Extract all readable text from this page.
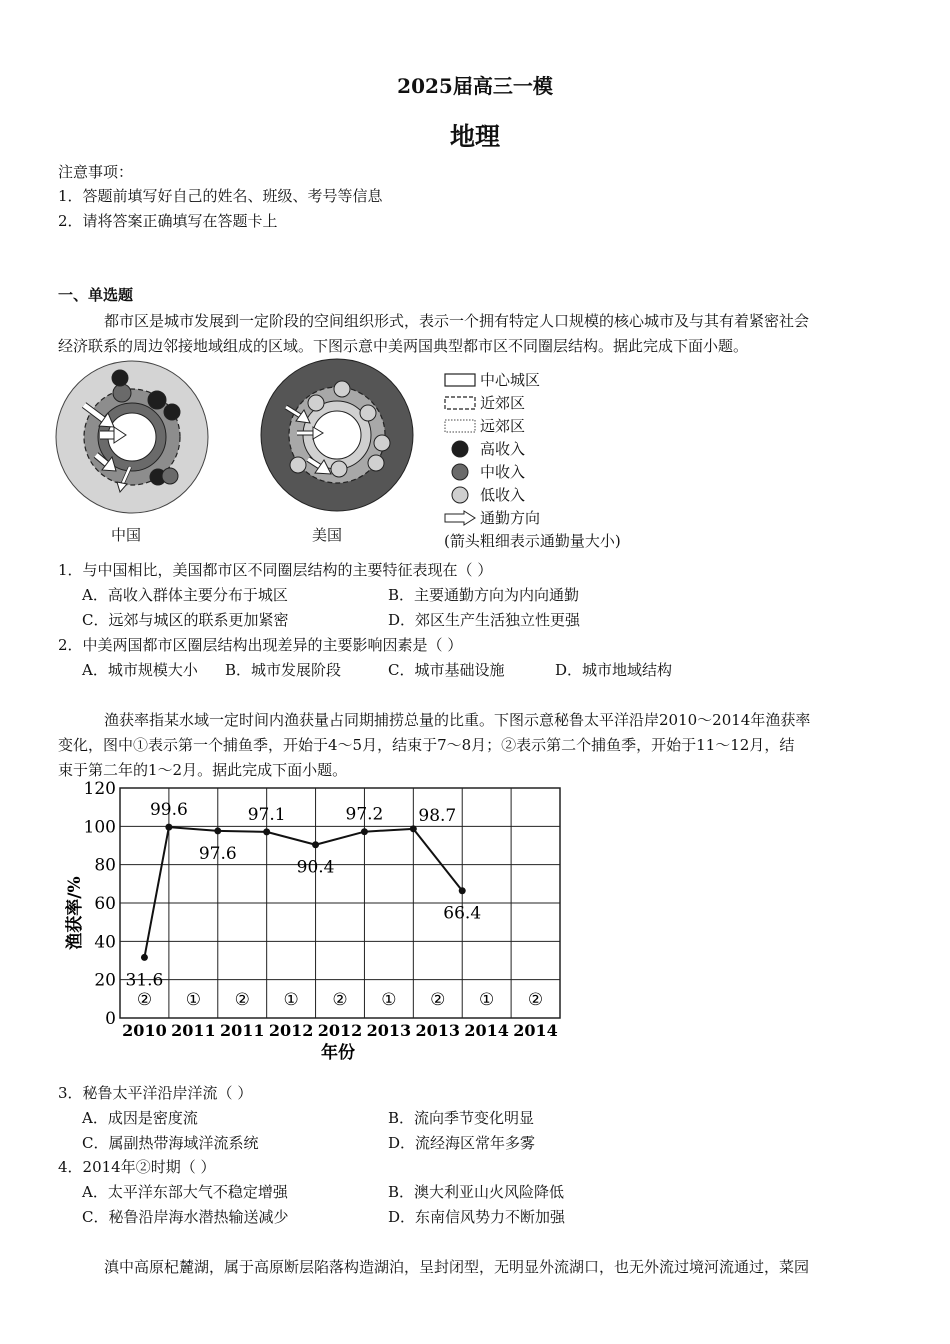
2025届高三一模
地理
注意事项：
1．答题前填写好自己的姓名、班级、考号等信息
2．请将答案正确填写在答题卡上
一、单选题
都市区是城市发展到一定阶段的空间组织形式，表示一个拥有特定人口规模的核心城市及与其有着紧密社会
经济联系的周边邻接地域组成的区域。下图示意中美两国典型都市区不同圈层结构。据此完成下面小题。
中国	美国
中心城区
近郊区
远郊区
高收入
中收入
低收入
通勤方向
(箭头粗细表示通勤量大小)
1．与中国相比，美国都市区不同圈层结构的主要特征表现在（ ）
A．高收入群体主要分布于城区	B．主要通勤方向为内向通勤
C．远郊与城区的联系更加紧密	D．郊区生产生活独立性更强
2．中美两国都市区圈层结构出现差异的主要影响因素是（ ）
A．城市规模大小 B．城市发展阶段	C．城市基础设施	D．城市地域结构
渔获率指某水域一定时间内渔获量占同期捕捞总量的比重。下图示意秘鲁太平洋沿岸2010～2014年渔获率
变化，图中①表示第一个捕鱼季，开始于4～5月，结束于7～8月；②表示第二个捕鱼季，开始于11～12月，结
束于第二年的1～2月。据此完成下面小题。
0
20
40
60
80
100
120
②
2010
①
2011
②
2011
①
2012
②
2012
①
2013
②
2013
①
2014
②
2014
31.6
99.6
97.6
97.1
90.4
97.2 98.7
66.4
渔获率/%
年份
3．秘鲁太平洋沿岸洋流（ ）
A．成因是密度流	B．流向季节变化明显
C．属副热带海域洋流系统	D．流经海区常年多雾
4．2014年②时期（ ）
A．太平洋东部大气不稳定增强	B．澳大利亚山火风险降低
C．秘鲁沿岸海水潜热输送减少	D．东南信风势力不断加强
滇中高原杞麓湖，属于高原断层陷落构造湖泊，呈封闭型，无明显外流湖口，也无外流过境河流通过，菜园
